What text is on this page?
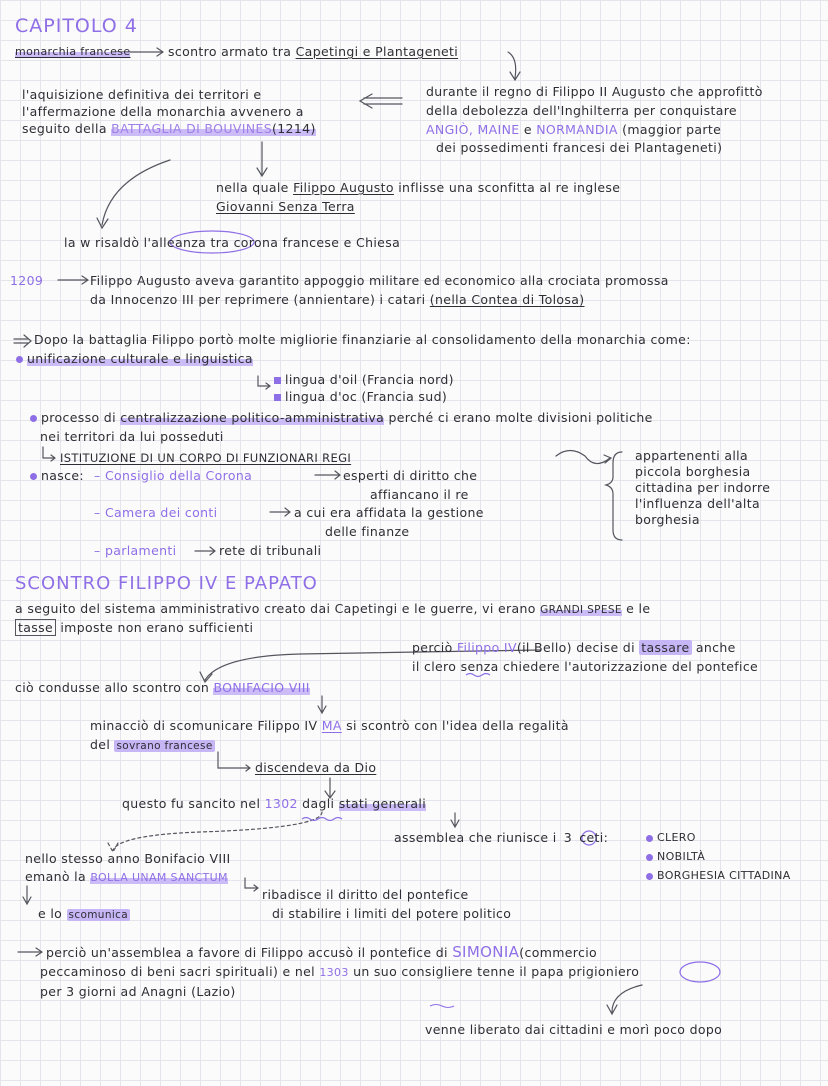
CAPITOLO 4
monarchia francese	scontro armato tra Capetingi e Plantageneti
l'aquisizione definitiva dei territori e
l'affermazione della monarchia avvenero a
seguito della BATTAGLIA DI BOUVINES(1214)
durante il regno di Filippo II Augusto che approfittò
della debolezza dell'Inghilterra per conquistare
ANGIÒ, MAINE e NORMANDIA (maggior parte
dei possedimenti francesi dei Plantageneti)
nella quale Filippo Augusto inflisse una sconfitta al re inglese
Giovanni Senza Terra
la w risaldò l'alleanza tra corona francese e Chiesa
1209	Filippo Augusto aveva garantito appoggio militare ed economico alla crociata promossa
da Innocenzo III per reprimere (annientare) i catari (nella Contea di Tolosa)
Dopo la battaglia Filippo portò molte migliorie finanziarie al consolidamento della monarchia come:
unificazione culturale e linguistica
lingua d'oil (Francia nord)
lingua d'oc (Francia sud)
processo di centralizzazione politico-amministrativa perché ci erano molte divisioni politiche
nei territori da lui posseduti
ISTITUZIONE DI UN CORPO DI FUNZIONARI REGI
nasce: – Consiglio della Corona	esperti di diritto che
affiancano il re
– Camera dei conti	a cui era affidata la gestione
delle finanze
– parlamenti	rete di tribunali
appartenenti alla
piccola borghesia
cittadina per indorre
l'influenza dell'alta
borghesia
SCONTRO FILIPPO IV E PAPATO
a seguito del sistema amministrativo creato dai Capetingi e le guerre, vi erano GRANDI SPESE e le
tasse imposte non erano sufficienti
perciò Filippo IV(il Bello) decise di tassare anche
il clero senza chiedere l'autorizzazione del pontefice
ciò condusse allo scontro con BONIFACIO VIII
minacciò di scomunicare Filippo IV MA si scontrò con l'idea della regalità
del sovrano francese
discendeva da Dio
questo fu sancito nel 1302 dagli stati generali
assemblea che riunisce i 3 ceti:	CLERO
NOBILTÀ
BORGHESIA CITTADINA
nello stesso anno Bonifacio VIII
emanò la BOLLA UNAM SANCTUM
ribadisce il diritto del pontefice
di stabilire i limiti del potere politico
e lo scomunica
perciò un'assemblea a favore di Filippo accusò il pontefice di SIMONIA(commercio
peccaminoso di beni sacri spirituali) e nel 1303 un suo consigliere tenne il papa prigioniero
per 3 giorni ad Anagni (Lazio)
venne liberato dai cittadini e morì poco dopo
